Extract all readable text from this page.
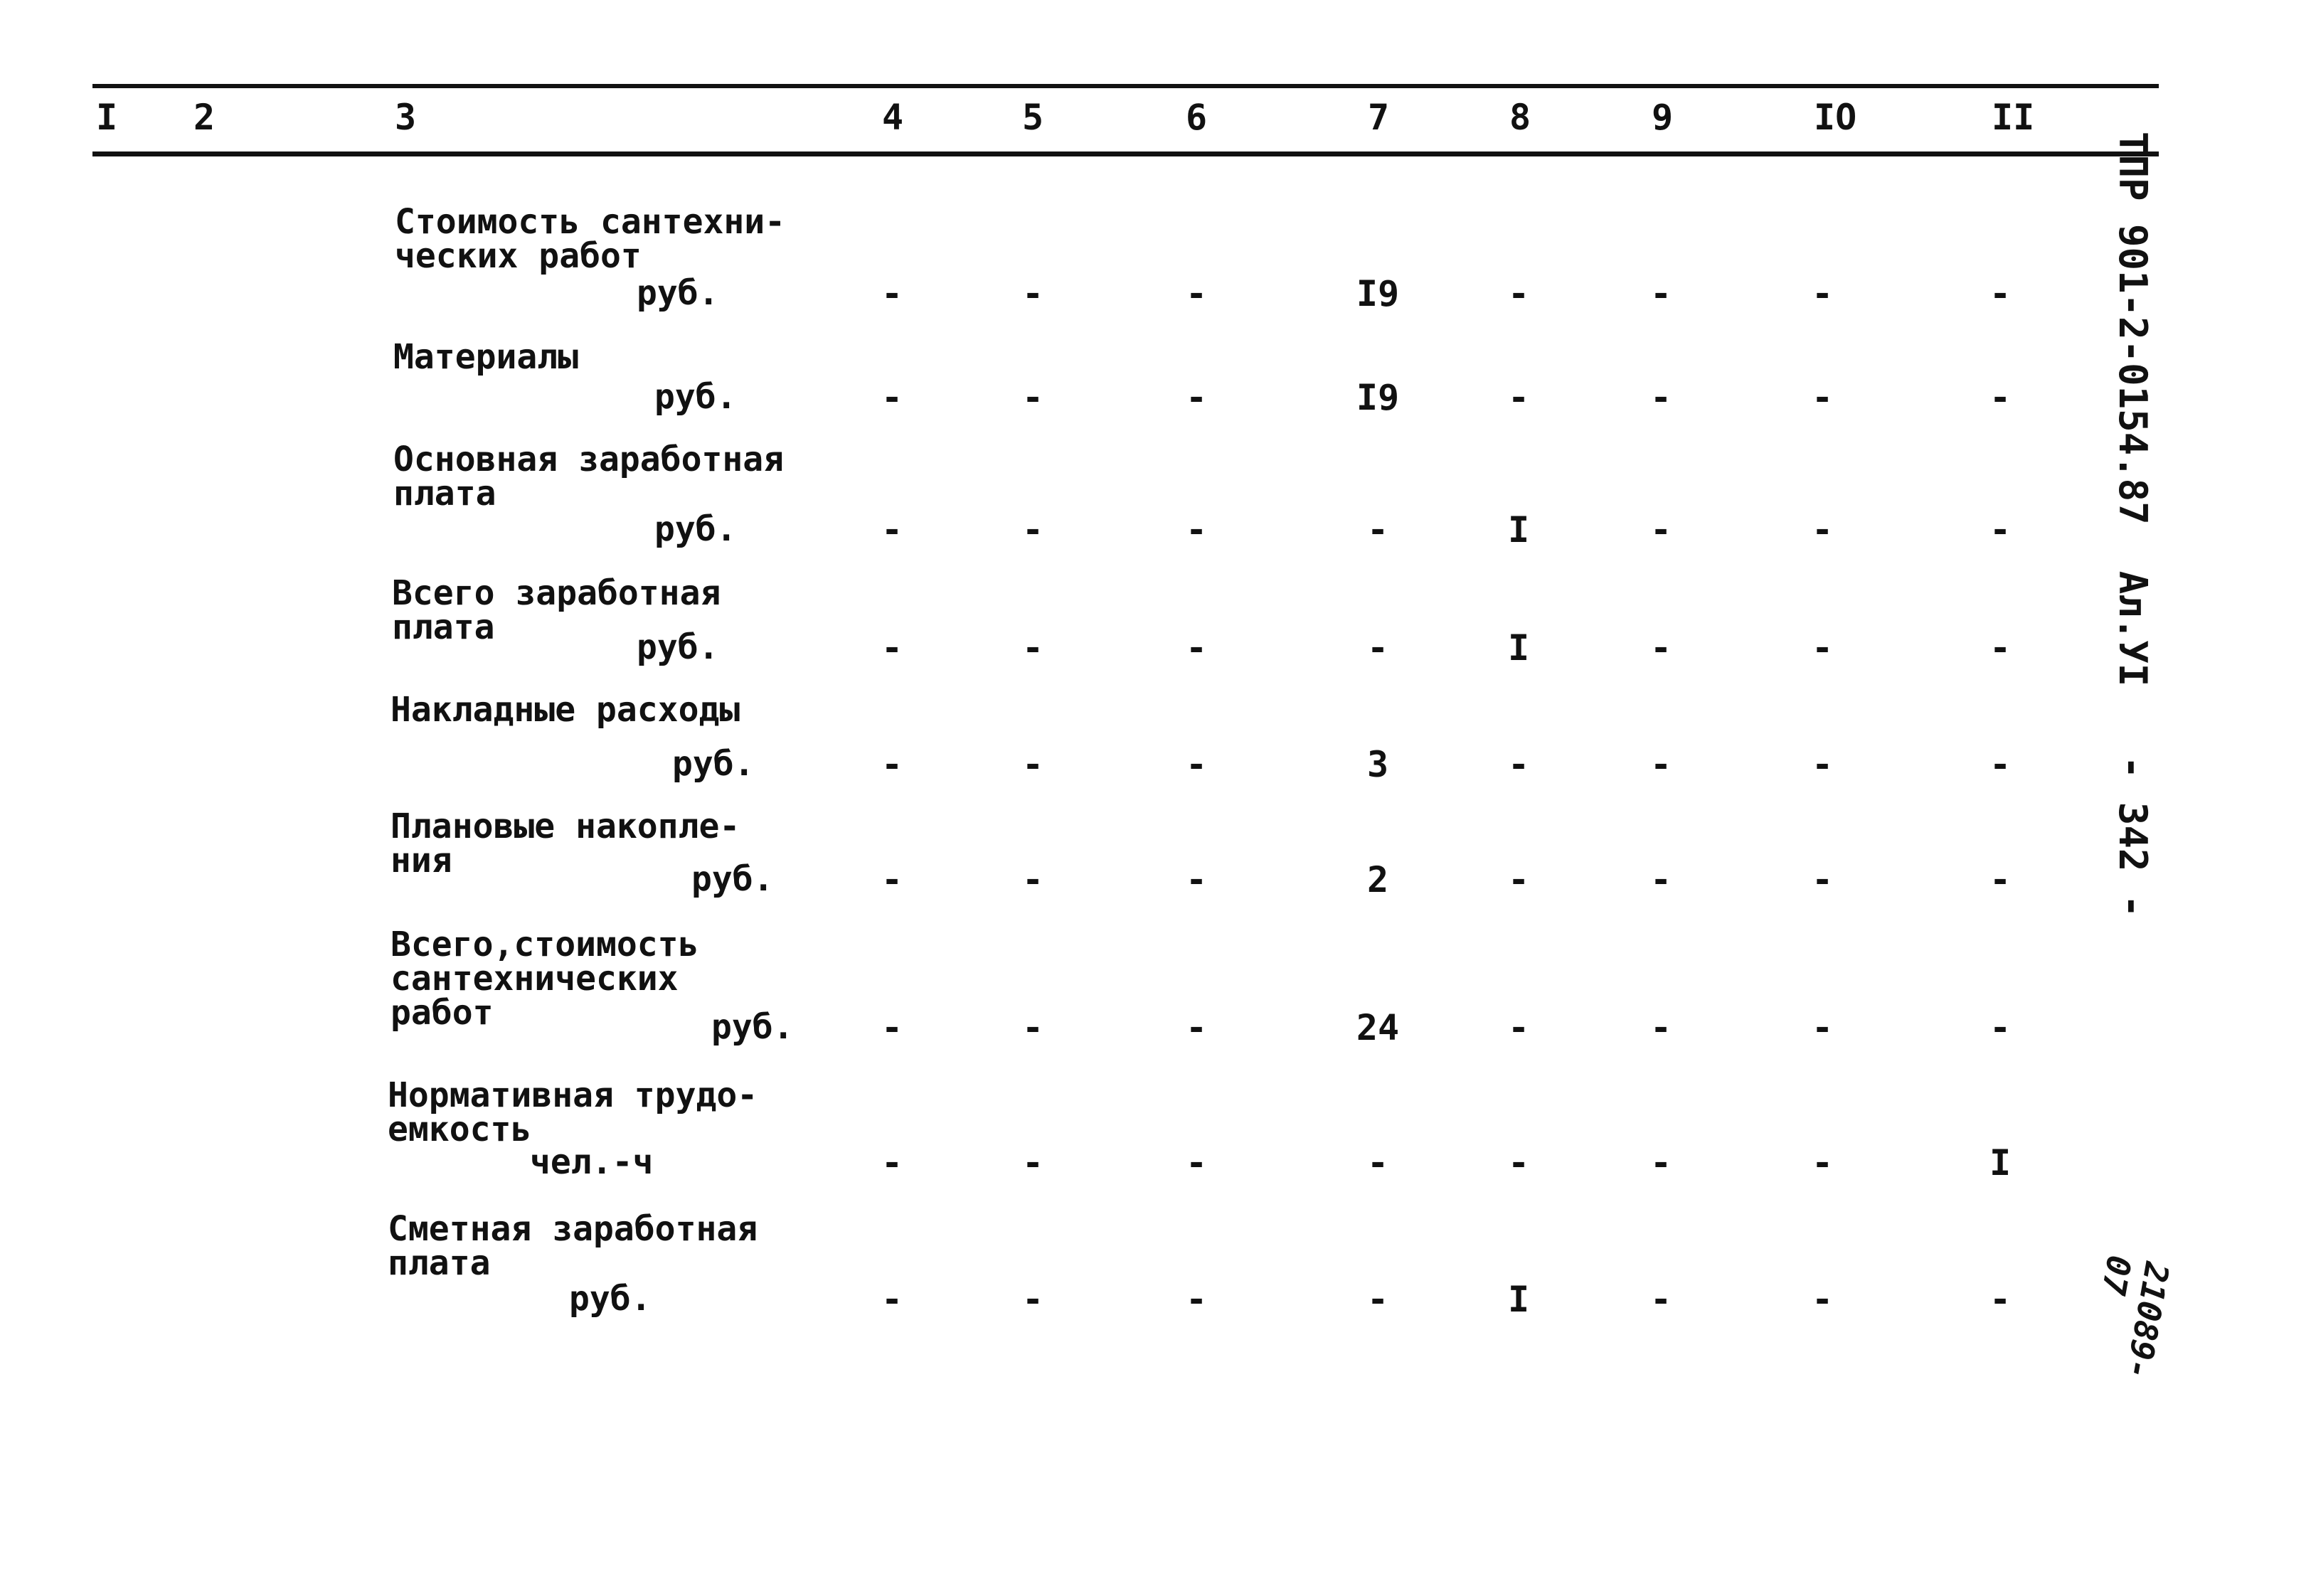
I 2	3	4	5	6	7	8	9	IO	II
Стоимость сантехни-
ческих работ
руб.	-	-	-	I9	-	-	-	-
Материалы
руб.	-	-	-	I9	-	-	-	-
Основная заработная
плата
руб.	-	-	-	-	I	-	-	-
Всего заработная
плата	руб.	-	-	-	-	I	-	-	-
Накладные расходы
руб.	-	-	-	3	-	-	-	-
Плановые накопле-
ния	руб.	-	-	-	2	-	-	-	-
Всего,стоимость
сантехнических
работ	руб. -	-	-	24	-	-	-	-
Нормативная трудо-
емкость
чел.-ч	-	-	-	-	-	-	-	I
Сметная заработная
плата
руб.	-	-	-	-	I	-	-	-
ТПР 901-2-0154.87  Ал.УI   - 342 -
21089-07
